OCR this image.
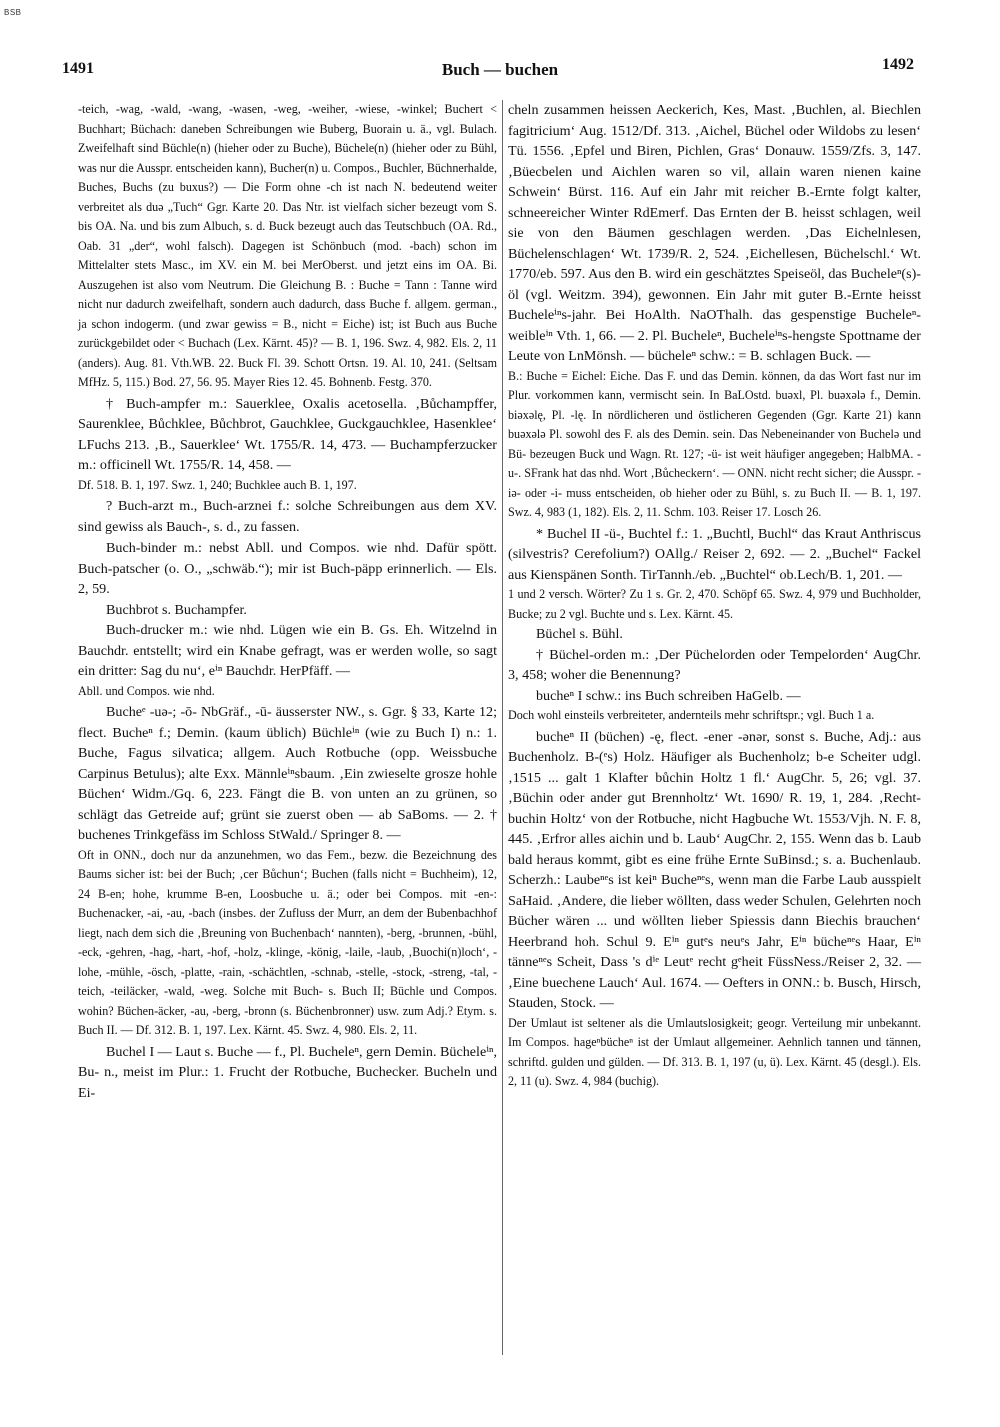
BSB
1491	Buch — buchen	1492

-teich, -wag, -wald, -wang, -wasen, -weg, -weiher, -wiese, -winkel; Buchert < Buchhart; Büchach: daneben Schreibungen wie Buberg, Buorain u. ä., vgl. Bulach. Zweifelhaft sind Büchle(n) (hieher oder zu Buche), Büchele(n) (hieher oder zu Bühl, was nur die Ausspr. entscheiden kann), Bucher(n) u. Compos., Buchler, Büchnerhalde, Buches, Buchs (zu buxus?) — Die Form ohne -ch ist nach N. bedeutend weiter verbreitet als duə „Tuch“ Ggr. Karte 20. Das Ntr. ist vielfach sicher bezeugt vom S. bis OA. Na. und bis zum Albuch, s. d. Buck bezeugt auch das Teutschbuch (OA. Rd., Oab. 31 „der“, wohl falsch). Dagegen ist Schönbuch (mod. -bach) schon im Mittelalter stets Masc., im XV. ein M. bei MerOberst. und jetzt eins im OA. Bi. Auszugehen ist also vom Neutrum. Die Gleichung B. : Buche = Tann : Tanne wird nicht nur dadurch zweifelhaft, sondern auch dadurch, dass Buche f. allgem. german., ja schon indogerm. (und zwar gewiss = B., nicht = Eiche) ist; ist Buch aus Buche zurückgebildet oder < Buchach (Lex. Kärnt. 45)? — B. 1, 196. Swz. 4, 982. Els. 2, 11 (anders). Aug. 81. Vth.WB. 22. Buck Fl. 39. Schott Ortsn. 19. Al. 10, 241. (Seltsam MfHz. 5, 115.) Bod. 27, 56. 95. Mayer Ries 12. 45. Bohnenb. Festg. 370.

† Buch-ampfer m.: Sauerklee, Oxalis acetosella. ‚Bůchampffer, Saurenklee, Bůchklee, Bůchbrot, Gauchklee, Guckgauchklee, Hasenklee‘ LFuchs 213. ‚B., Sauerklee‘ Wt. 1755/R. 14, 473. — Buchampferzucker m.: officinell Wt. 1755/R. 14, 458. —

Df. 518. B. 1, 197. Swz. 1, 240; Buchklee auch B. 1, 197.

? Buch-arzt m., Buch-arznei f.: solche Schreibungen aus dem XV. sind gewiss als Bauch-, s. d., zu fassen.

Buch-binder m.: nebst Abll. und Compos. wie nhd. Dafür spött. Buch-patscher (o. O., „schwäb.“); mir ist Buch-päpp erinnerlich. — Els. 2, 59.

Buchbrot s. Buchampfer.

Buch-drucker m.: wie nhd. Lügen wie ein B. Gs. Eh. Witzelnd in Bauchdr. entstellt; wird ein Knabe gefragt, was er werden wolle, so sagt ein dritter: Sag du nu‘, eⁱⁿ Bauchdr. HerPfäff. —

Abll. und Compos. wie nhd.

Bucheᵉ -uə-; -ō- NbGräf., -ū- äusserster NW., s. Ggr. § 33, Karte 12; flect. Bucheⁿ f.; Demin. (kaum üblich) Büchleⁱⁿ (wie zu Buch I) n.: 1. Buche, Fagus silvatica; allgem. Auch Rotbuche (opp. Weissbuche Carpinus Betulus); alte Exx. Männleⁱⁿsbaum. ‚Ein zwieselte grosze hohle Büchen‘ Widm./Gq. 6, 223. Fängt die B. von unten an zu grünen, so schlägt das Getreide auf; grünt sie zuerst oben — ab SaBoms. — 2. † buchenes Trinkgefäss im Schloss StWald./ Springer 8. —

Oft in ONN., doch nur da anzunehmen, wo das Fem., bezw. die Bezeichnung des Baums sicher ist: bei der Buch; ‚cer Bůchun‘; Buchen (falls nicht = Buchheim), 12, 24 B-en; hohe, krumme B-en, Loosbuche u. ä.; oder bei Compos. mit -en-: Buchenacker, -ai, -au, -bach (insbes. der Zufluss der Murr, an dem der Bubenbachhof liegt, nach dem sich die ‚Breuning von Buchenbach‘ nannten), -berg, -brunnen, -bühl, -eck, -gehren, -hag, -hart, -hof, -holz, -klinge, -könig, -laile, -laub, ‚Buochi(n)loch‘, -lohe, -mühle, -ösch, -platte, -rain, -schächtlen, -schnab, -stelle, -stock, -streng, -tal, -teich, -teiläcker, -wald, -weg. Solche mit Buch- s. Buch II; Büchle und Compos. wohin? Büchen-äcker, -au, -berg, -bronn (s. Büchenbronner) usw. zum Adj.? Etym. s. Buch II. — Df. 312. B. 1, 197. Lex. Kärnt. 45. Swz. 4, 980. Els. 2, 11.

Buchel I — Laut s. Buche — f., Pl. Bucheleⁿ, gern Demin. Bücheleⁱⁿ, Bu- n., meist im Plur.: 1. Frucht der Rotbuche, Buchecker. Bucheln und Ei-

cheln zusammen heissen Aeckerich, Kes, Mast. ‚Buchlen, al. Biechlen fagitricium‘ Aug. 1512/Df. 313. ‚Aichel, Büchel oder Wildobs zu lesen‘ Tü. 1556. ‚Epfel und Biren, Pichlen, Gras‘ Donauw. 1559/Zfs. 3, 147. ‚Büecbelen und Aichlen waren so vil, allain waren nienen kaine Schwein‘ Bürst. 116. Auf ein Jahr mit reicher B.-Ernte folgt kalter, schneereicher Winter RdEmerf. Das Ernten der B. heisst schlagen, weil sie von den Bäumen geschlagen werden. ‚Das Eichelnlesen, Büchelenschlagen‘ Wt. 1739/R. 2, 524. ‚Eichellesen, Büchelschl.‘ Wt. 1770/eb. 597. Aus den B. wird ein geschätztes Speiseöl, das Bucheleⁿ(s)-öl (vgl. Weitzm. 394), gewonnen. Ein Jahr mit guter B.-Ernte heisst Bucheleⁱⁿs-jahr. Bei HoAlth. NaOThalh. das gespenstige Bucheleⁿ-weibleⁱⁿ Vth. 1, 66. — 2. Pl. Bucheleⁿ, Bucheleⁱⁿs-hengste Spottname der Leute von LnMönsh. — bücheleⁿ schw.: = B. schlagen Buck. —

B.: Buche = Eichel: Eiche. Das F. und das Demin. können, da das Wort fast nur im Plur. vorkommen kann, vermischt sein. In BaLOstd. buəxl, Pl. buəxələ f., Demin. biəxəlę, Pl. -lę. In nördlicheren und östlicheren Gegenden (Ggr. Karte 21) kann buəxələ Pl. sowohl des F. als des Demin. sein. Das Nebeneinander von Buchelə und Bü- bezeugen Buck und Wagn. Rt. 127; -ü- ist weit häufiger angegeben; HalbMA. -u-. SFrank hat das nhd. Wort ‚Bůcheckern‘. — ONN. nicht recht sicher; die Ausspr. -iə- oder -i- muss entscheiden, ob hieher oder zu Bühl, s. zu Buch II. — B. 1, 197. Swz. 4, 983 (1, 182). Els. 2, 11. Schm. 103. Reiser 17. Losch 26.

* Buchel II -ü-, Buchtel f.: 1. „Buchtl, Buchl“ das Kraut Anthriscus (silvestris? Cerefolium?) OAllg./ Reiser 2, 692. — 2. „Buchel“ Fackel aus Kienspänen Sonth. TirTannh./eb. „Buchtel“ ob.Lech/B. 1, 201. —

1 und 2 versch. Wörter? Zu 1 s. Gr. 2, 470. Schöpf 65. Swz. 4, 979 und Buchholder, Bucke; zu 2 vgl. Buchte und s. Lex. Kärnt. 45.

Büchel s. Bühl.

† Büchel-orden m.: ‚Der Püchelorden oder Tempelorden‘ AugChr. 3, 458; woher die Benennung?

bucheⁿ I schw.: ins Buch schreiben HaGelb. —

Doch wohl einsteils verbreiteter, andernteils mehr schriftspr.; vgl. Buch 1 a.

bucheⁿ II (büchen) -ę, flect. -ener -ənər, sonst s. Buche, Adj.: aus Buchenholz. B-(ᵉs) Holz. Häufiger als Buchenholz; b-e Scheiter udgl. ‚1515 ... galt 1 Klafter bůchin Holtz 1 fl.‘ AugChr. 5, 26; vgl. 37. ‚Büchin oder ander gut Brennholtz‘ Wt. 1690/ R. 19, 1, 284. ‚Recht-buchin Holtz‘ von der Rotbuche, nicht Hagbuche Wt. 1553/Vjh. N. F. 8, 445. ‚Erfror alles aichin und b. Laub‘ AugChr. 2, 155. Wenn das b. Laub bald heraus kommt, gibt es eine frühe Ernte SuBinsd.; s. a. Buchenlaub. Scherzh.: Laubeⁿᵉs ist keiⁿ Bucheⁿᵉs, wenn man die Farbe Laub ausspielt SaHaid. ‚Andere, die lieber wöllten, dass weder Schulen, Gelehrten noch Bücher wären ... und wöllten lieber Spiessis dann Biechis brauchen‘ Heerbrand hoh. Schul 9. Eⁱⁿ gutᵉs neuᵉs Jahr, Eⁱⁿ bücheⁿᵉs Haar, Eⁱⁿ tänneⁿᵉs Scheit, Dass 's dⁱᵉ Leutᵉ recht gᵉheit FüssNess./Reiser 2, 32. — ‚Eine buechene Lauch‘ Aul. 1674. — Oefters in ONN.: b. Busch, Hirsch, Stauden, Stock. —

Der Umlaut ist seltener als die Umlautslosigkeit; geogr. Verteilung mir unbekannt. Im Compos. hageⁿbücheⁿ ist der Umlaut allgemeiner. Aehnlich tannen und tännen, schriftd. gulden und gülden. — Df. 313. B. 1, 197 (u, ü). Lex. Kärnt. 45 (desgl.). Els. 2, 11 (u). Swz. 4, 984 (buchig).
